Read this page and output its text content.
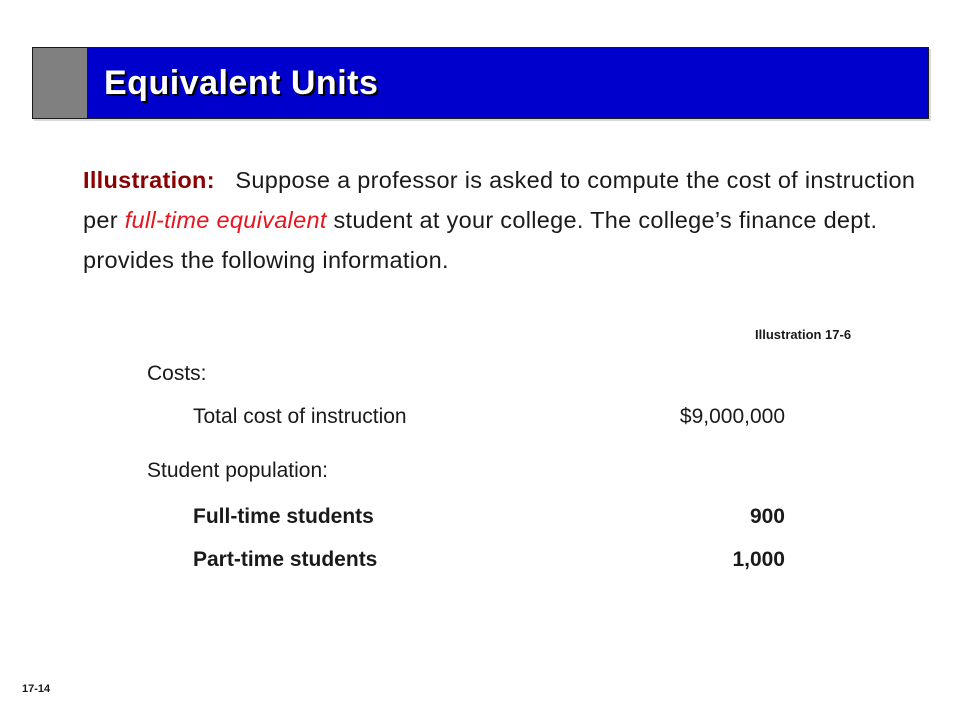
Equivalent Units
Illustration: Suppose a professor is asked to compute the cost of instruction per full-time equivalent student at your college. The college’s finance dept. provides the following information.
Illustration 17-6
Costs:
Total cost of instruction	$9,000,000
Student population:
Full-time students	900
Part-time students	1,000
17-14
